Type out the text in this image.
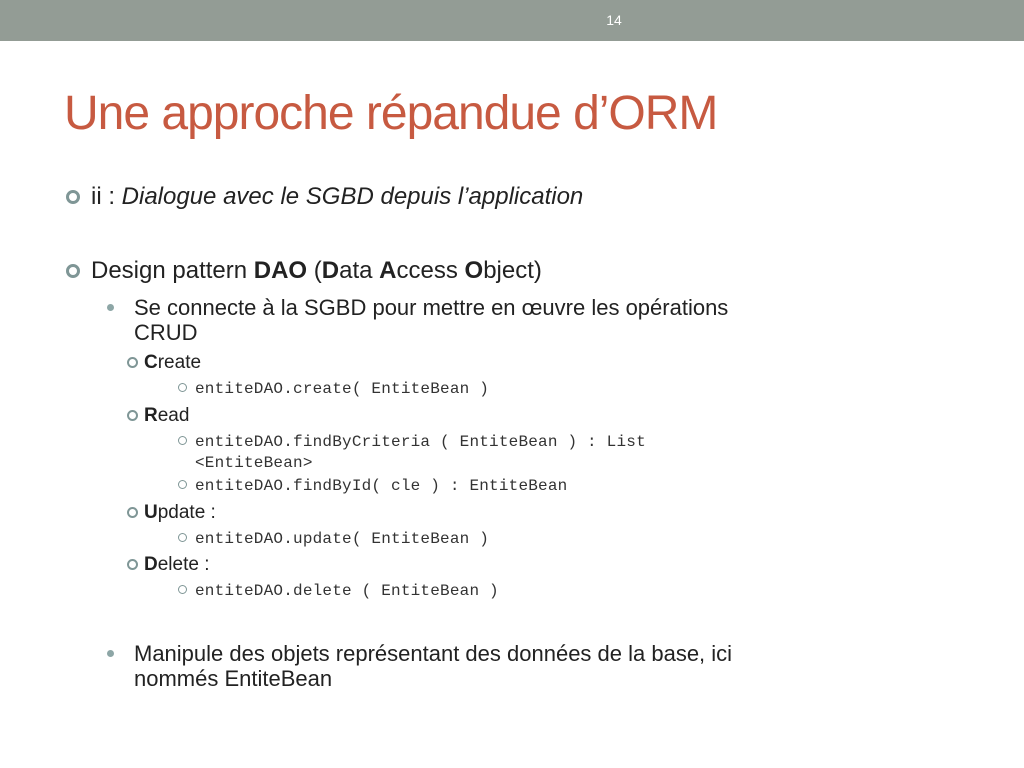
14
Une approche répandue d’ORM
ii : Dialogue avec le SGBD depuis l’application
Design pattern DAO (Data Access Object)
Se connecte à la SGBD pour mettre en œuvre les opérations
CRUD
Create
entiteDAO.create( EntiteBean )
Read
entiteDAO.findByCriteria ( EntiteBean ) : List
<EntiteBean>
entiteDAO.findById( cle ) : EntiteBean
Update :
entiteDAO.update( EntiteBean )
Delete :
entiteDAO.delete ( EntiteBean )
Manipule des objets représentant des données de la base, ici
nommés EntiteBean
